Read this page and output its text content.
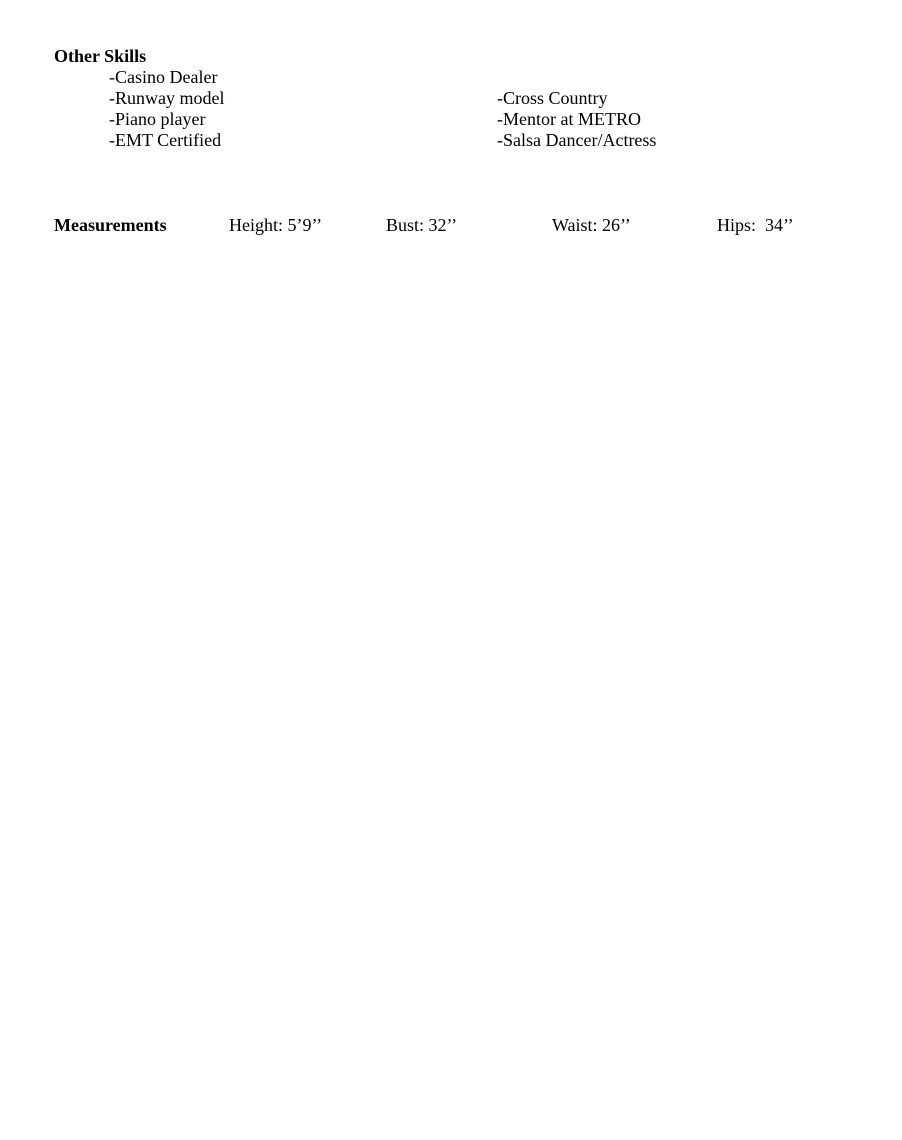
Other Skills
-Casino Dealer
-Runway model
-Piano player
-EMT Certified
-Cross Country
-Mentor at METRO
-Salsa Dancer/Actress
Measurements	Height: 5’9’’	Bust: 32’’	Waist: 26’’	Hips:  34’’
